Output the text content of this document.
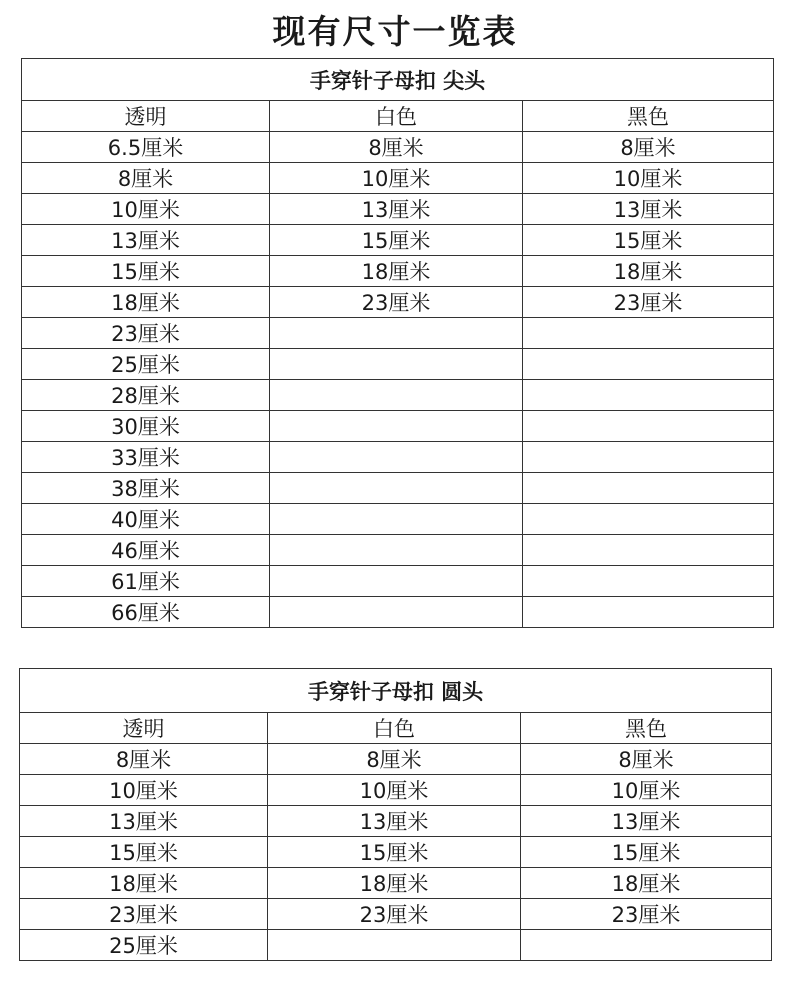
现有尺寸一览表
手穿针子母扣 尖头		
透明	白色	黑色
6.5厘米	8厘米	8厘米
8厘米	10厘米	10厘米
10厘米	13厘米	13厘米
13厘米	15厘米	15厘米
15厘米	18厘米	18厘米
18厘米	23厘米	23厘米
23厘米		
25厘米		
28厘米		
30厘米		
33厘米		
38厘米		
40厘米		
46厘米		
61厘米		
66厘米		
手穿针子母扣 圆头		
透明	白色	黑色
8厘米	8厘米	8厘米
10厘米	10厘米	10厘米
13厘米	13厘米	13厘米
15厘米	15厘米	15厘米
18厘米	18厘米	18厘米
23厘米	23厘米	23厘米
25厘米		
